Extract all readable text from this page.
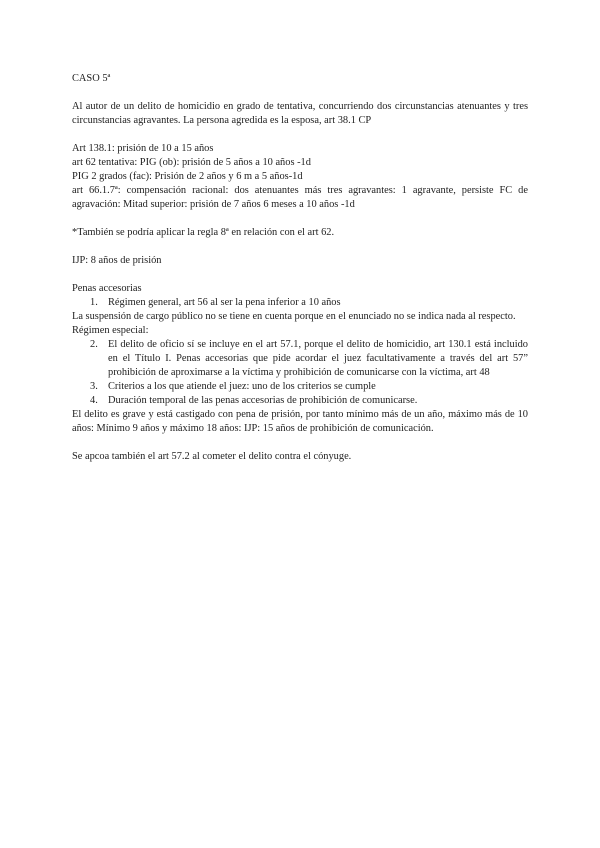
CASO 5ª

Al autor de un delito de homicidio en grado de tentativa, concurriendo dos circunstancias atenuantes y tres circunstancias agravantes. La persona agredida es la esposa, art 38.1 CP

Art 138.1: prisión de 10 a 15 años

art 62 tentativa: PIG (ob): prisión de 5 años a 10 años -1d

PIG 2 grados (fac): Prisión de 2 años y 6 m a 5 años-1d

art 66.1.7ª: compensación racional: dos atenuantes más tres agravantes: 1 agravante, persiste FC de agravación: Mitad superior: prisión de 7 años 6 meses a 10 años -1d

*También se podría aplicar la regla 8ª en relación con el art 62.

IJP: 8 años de prisión

Penas accesorias

1. Régimen general, art 56 al ser la pena inferior a 10 años

La suspensión de cargo público no se tiene en cuenta porque en el enunciado no se indica nada al respecto.

Régimen especial:

2. El delito de oficio sí se incluye en el art 57.1, porque el delito de homicidio, art 130.1 está incluido en el Título I. Penas accesorias que pide acordar el juez facultativamente a través del art 57” prohibición de aproximarse a la víctima y prohibición de comunicarse con la víctima, art 48
3. Criterios a los que atiende el juez: uno de los criterios se cumple
4. Duración temporal de las penas accesorias de prohibición de comunicarse.

El delito es grave y está castigado con pena de prisión, por tanto mínimo más de un año, máximo más de 10 años: Mínimo 9 años y máximo 18 años: IJP: 15 años de prohibición de comunicación.

Se apcoa también el art 57.2 al cometer el delito contra el cónyuge.
